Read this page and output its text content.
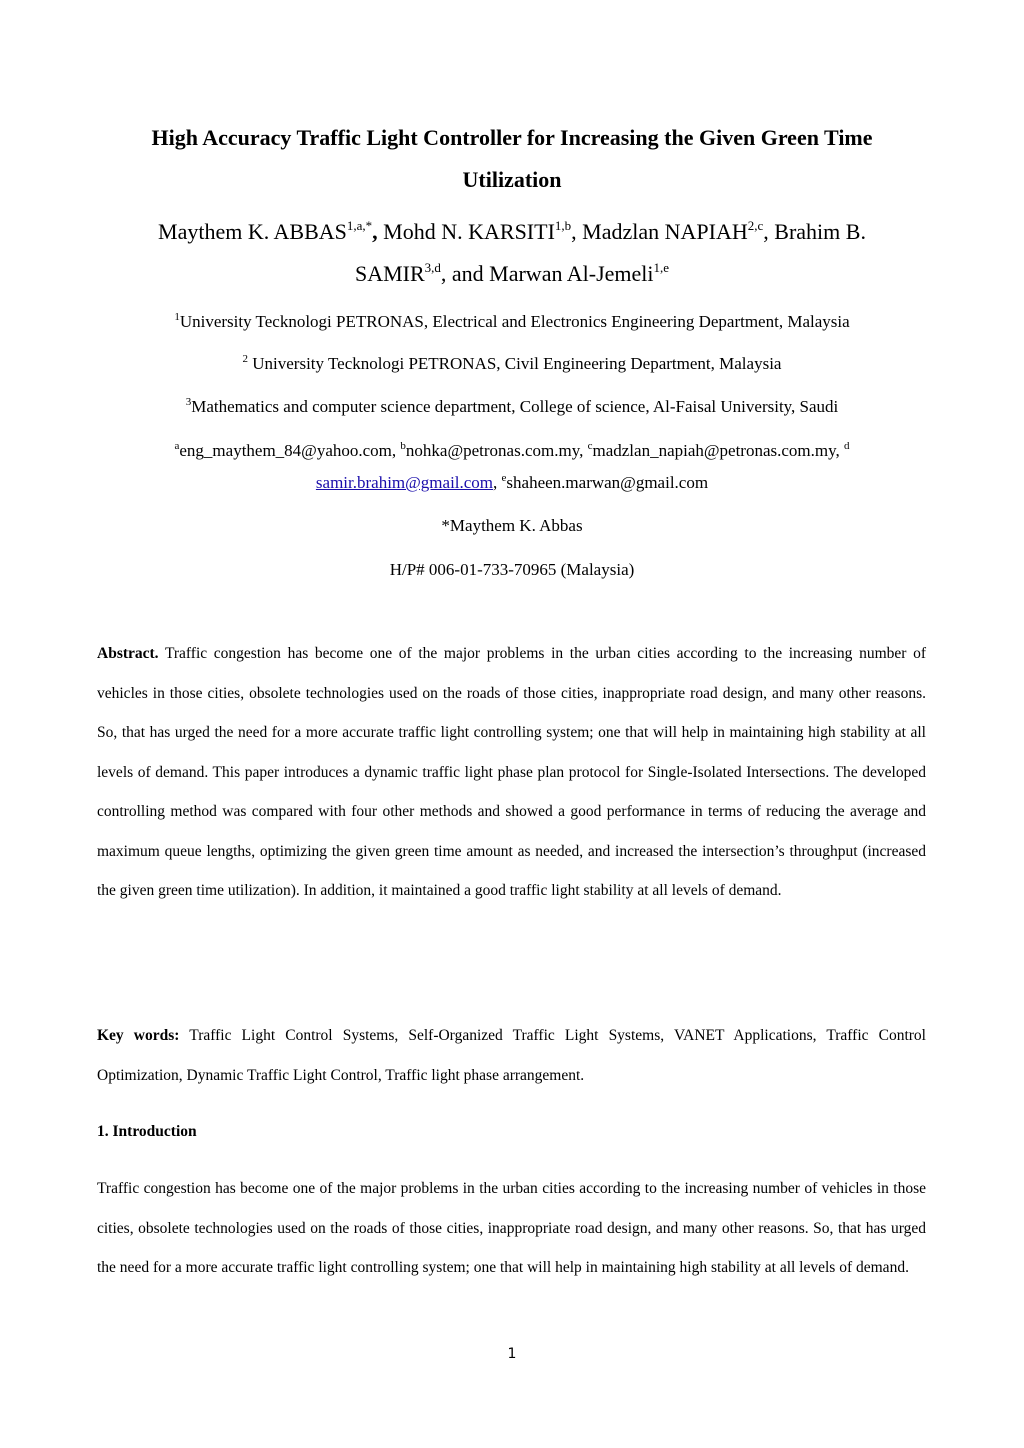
High Accuracy Traffic Light Controller for Increasing the Given Green Time
Utilization
Maythem K. $ABBAS^{1,a,*}$, Mohd N. KARSITI$^{1,b}$, Madzlan NAPIAH$^{2,c}$, Brahim B.
SAMIR$^{3,d}$, and Marwan Al-Jemeli$^{1,e}$
$^1$University Tecknologi PETRONAS, Electrical and Electronics Engineering Department, Malaysia
$^2$ University Tecknologi PETRONAS, Civil Engineering Department, Malaysia
$^3$Mathematics and computer science department, College of science, Al-Faisal University, Saudi
$^a$eng_maythem_84@yahoo.com, $^b$nohka@petronas.com.my, $^c$madzlan_napiah@petronas.com.my, $^d$
samir.brahim@gmail.com, $^e$shaheen.marwan@gmail.com
*Maythem K. Abbas
H/P# 006-01-733-70965 (Malaysia)
Abstract. Traffic congestion has become one of the major problems in the urban cities according to the increasing number of vehicles in those cities, obsolete technologies used on the roads of those cities, inappropriate road design, and many other reasons. So, that has urged the need for a more accurate traffic light controlling system; one that will help in maintaining high stability at all levels of demand. This paper introduces a dynamic traffic light phase plan protocol for Single-Isolated Intersections. The developed controlling method was compared with four other methods and showed a good performance in terms of reducing the average and maximum queue lengths, optimizing the given green time amount as needed, and increased the intersection’s throughput (increased the given green time utilization). In addition, it maintained a good traffic light stability at all levels of demand.
Key words: Traffic Light Control Systems, Self-Organized Traffic Light Systems, VANET Applications, Traffic Control Optimization, Dynamic Traffic Light Control, Traffic light phase arrangement.
1. Introduction
Traffic congestion has become one of the major problems in the urban cities according to the increasing number of vehicles in those cities, obsolete technologies used on the roads of those cities, inappropriate road design, and many other reasons. So, that has urged the need for a more accurate traffic light controlling system; one that will help in maintaining high stability at all levels of demand.
1
